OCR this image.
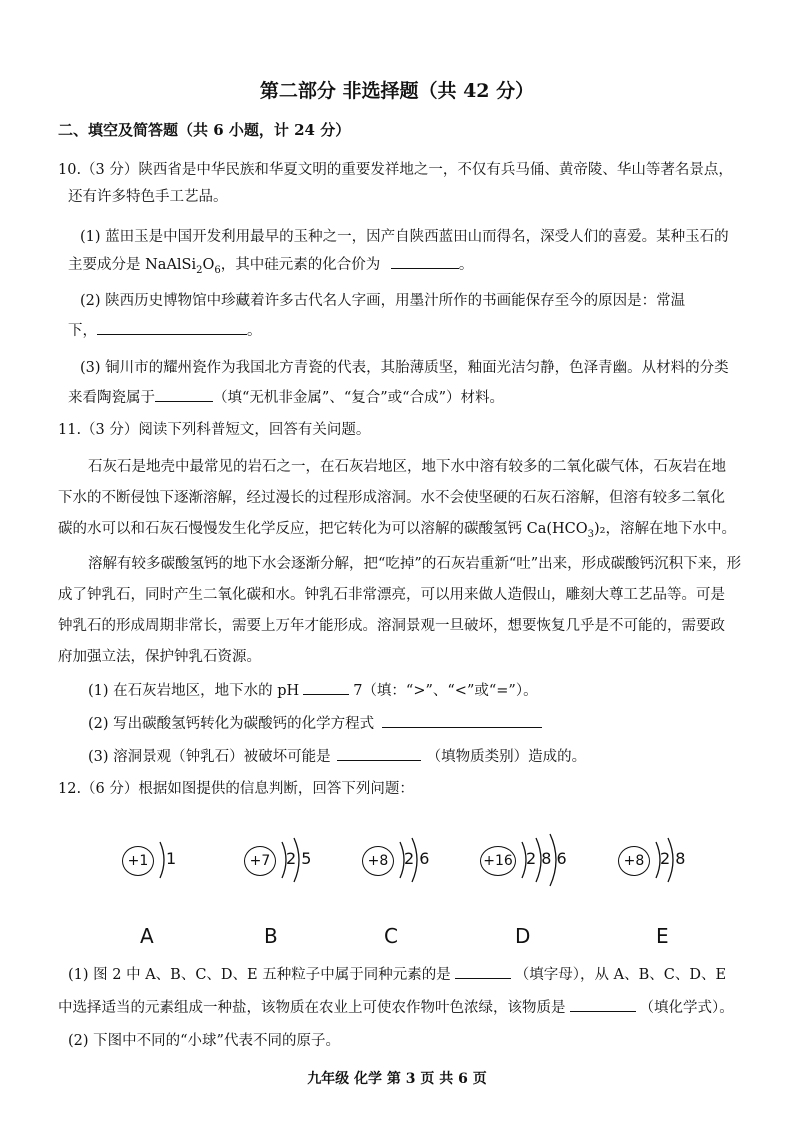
第二部分 非选择题（共 42 分）
二、填空及简答题（共 6 小题，计 24 分）
10.（3 分）陕西省是中华民族和华夏文明的重要发祥地之一，不仅有兵马俑、黄帝陵、华山等著名景点，
还有许多特色手工艺品。
(1) 蓝田玉是中国开发利用最早的玉种之一，因产自陕西蓝田山而得名，深受人们的喜爱。某种玉石的
主要成分是 $NaAlSi_2O_6$，其中硅元素的化合价为	。
(2) 陕西历史博物馆中珍藏着许多古代名人字画，用墨汁所作的书画能保存至今的原因是：常温
下，	。
(3) 铜川市的耀州瓷作为我国北方青瓷的代表，其胎薄质坚，釉面光洁匀静，色泽青幽。从材料的分类
来看陶瓷属于	（填“无机非金属”、“复合”或“合成”）材料。
11.（3 分）阅读下列科普短文，回答有关问题。
石灰石是地壳中最常见的岩石之一，在石灰岩地区，地下水中溶有较多的二氧化碳气体，石灰岩在地
下水的不断侵蚀下逐渐溶解，经过漫长的过程形成溶洞。水不会使坚硬的石灰石溶解，但溶有较多二氧化
碳的水可以和石灰石慢慢发生化学反应，把它转化为可以溶解的碳酸氢钙 $Ca(HCO_3)_2$，溶解在地下水中。
溶解有较多碳酸氢钙的地下水会逐渐分解，把“吃掉”的石灰岩重新“吐”出来，形成碳酸钙沉积下来，形
成了钟乳石，同时产生二氧化碳和水。钟乳石非常漂亮，可以用来做人造假山，雕刻大尊工艺品等。可是
钟乳石的形成周期非常长，需要上万年才能形成。溶洞景观一旦破坏，想要恢复几乎是不可能的，需要政
府加强立法，保护钟乳石资源。
(1) 在石灰岩地区，地下水的 pH	7（填：“>”、“<”或“=”）。
(2) 写出碳酸氢钙转化为碳酸钙的化学方程式
(3) 溶洞景观（钟乳石）被破坏可能是	（填物质类别）造成的。
12.（6 分）根据如图提供的信息判断，回答下列问题：
+1	1	+7 2 5	+8 2 6	+16 2 8 6	+8 2 8
A	B	C	D	E
(1) 图 2 中 A、B、C、D、E 五种粒子中属于同种元素的是	（填字母），从 A、B、C、D、E
中选择适当的元素组成一种盐，该物质在农业上可使农作物叶色浓绿，该物质是	（填化学式）。
(2) 下图中不同的“小球”代表不同的原子。
九年级 化学 第 3 页 共 6 页
